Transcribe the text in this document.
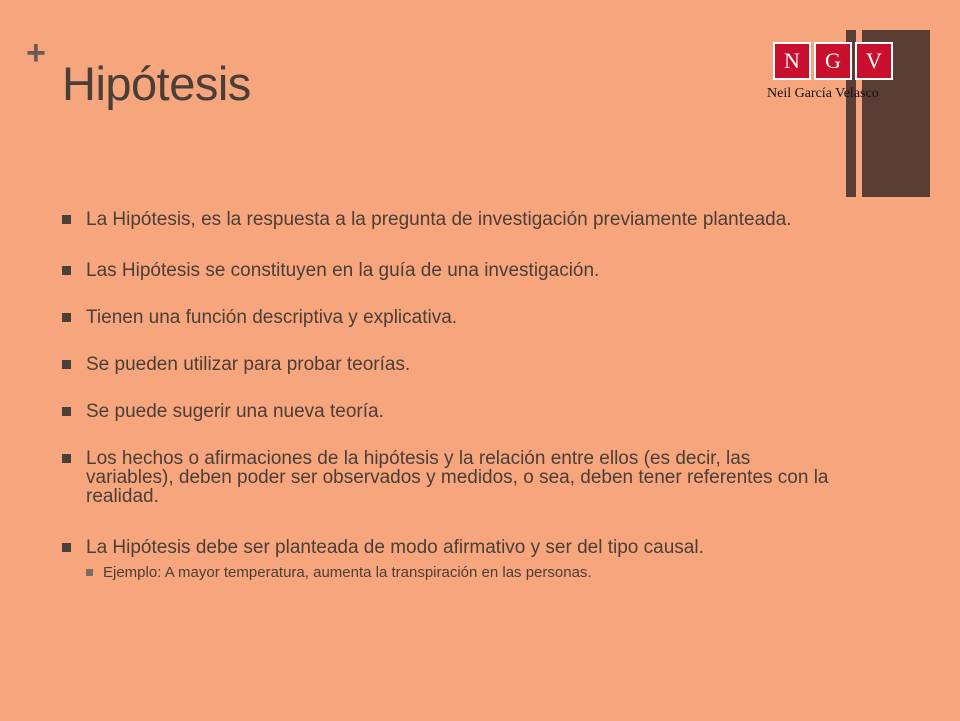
+
Hipótesis	N	G	V
Neil García Velasco
La Hipótesis, es la respuesta a la pregunta de investigación previamente planteada.
Las Hipótesis se constituyen en la guía de una investigación.
Tienen una función descriptiva y explicativa.
Se pueden utilizar para probar teorías.
Se puede sugerir una nueva teoría.
Los hechos o afirmaciones de la hipótesis y la relación entre ellos (es decir, las variables), deben poder ser observados y medidos, o sea, deben tener referentes con la realidad.
La Hipótesis debe ser planteada de modo afirmativo y ser del tipo causal.
Ejemplo: A mayor temperatura, aumenta la transpiración en las personas.
